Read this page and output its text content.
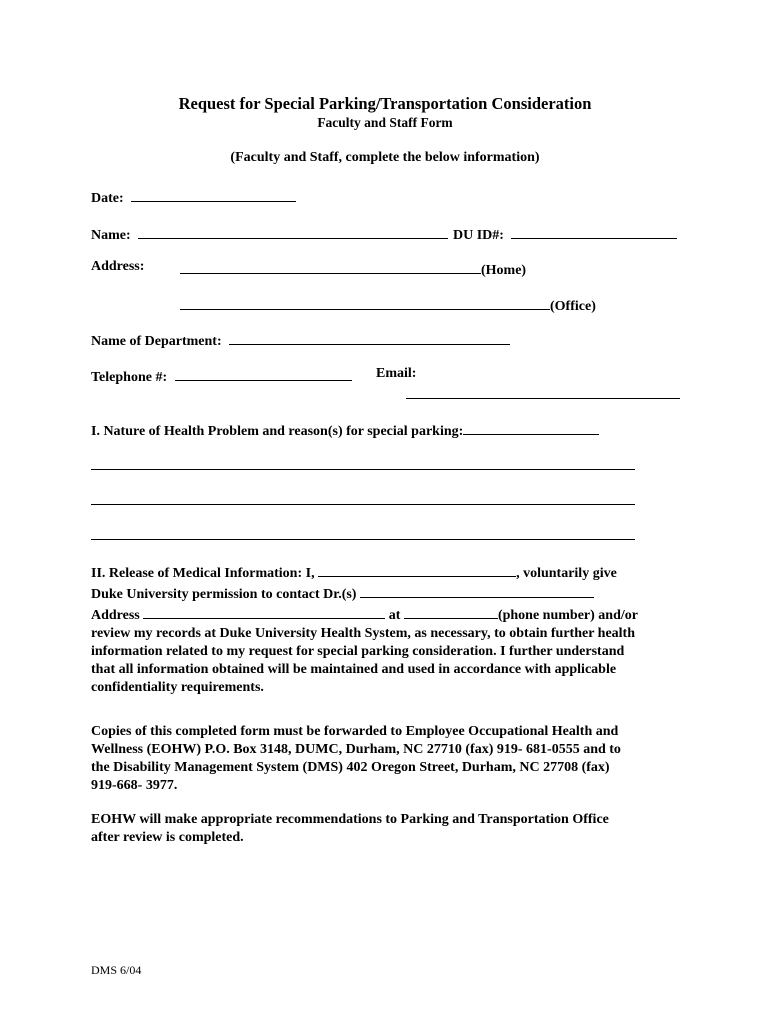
Request for Special Parking/Transportation Consideration
Faculty and Staff Form
(Faculty and Staff, complete the below information)
Date:
Name:	DU ID#:
Address:	(Home)
(Office)
Name of Department:
Telephone #:	Email:
I. Nature of Health Problem and reason(s) for special parking:
II. Release of Medical Information: I,	, voluntarily give
Duke University permission to contact Dr.(s)
Address	at	(phone number) and/or
review my records at Duke University Health System, as necessary, to obtain further health
information related to my request for special parking consideration. I further understand
that all information obtained will be maintained and used in accordance with applicable
confidentiality requirements.
Copies of this completed form must be forwarded to Employee Occupational Health and
Wellness (EOHW) P.O. Box 3148, DUMC, Durham, NC 27710 (fax) 919- 681-0555 and to
the Disability Management System (DMS) 402 Oregon Street, Durham, NC 27708 (fax)
919-668- 3977.
EOHW will make appropriate recommendations to Parking and Transportation Office
after review is completed.
DMS 6/04
